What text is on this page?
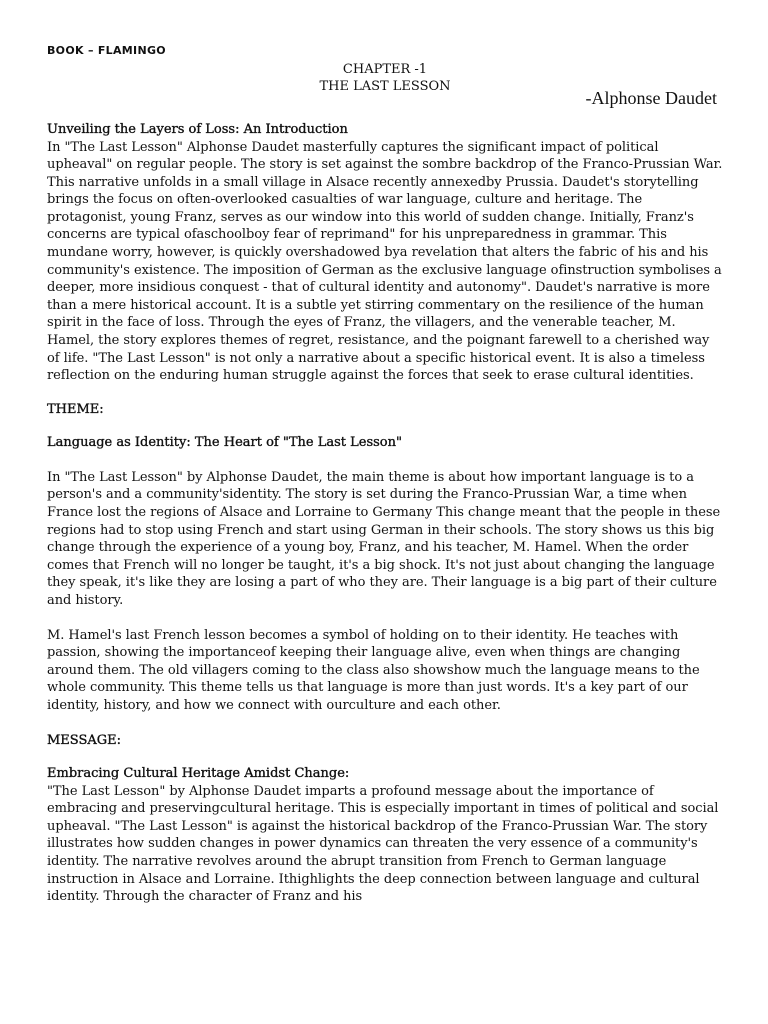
BOOK – FLAMINGO
CHAPTER -1
THE LAST LESSON
-Alphonse Daudet
Unveiling the Layers of Loss: An Introduction

In "The Last Lesson" Alphonse Daudet masterfully captures the significant impact of political upheaval" on regular people. The story is set against the sombre backdrop of the Franco-Prussian War. This narrative unfolds in a small village in Alsace recently annexedby Prussia. Daudet's storytelling brings the focus on often-overlooked casualties of war language, culture and heritage. The protagonist, young Franz, serves as our window into this world of sudden change. Initially, Franz's concerns are typical ofaschoolboy fear of reprimand" for his unpreparedness in grammar. This mundane worry, however, is quickly overshadowed bya revelation that alters the fabric of his and his community's existence. The imposition of German as the exclusive language ofinstruction symbolises a deeper, more insidious conquest - that of cultural identity and autonomy". Daudet's narrative is more than a mere historical account. It is a subtle yet stirring commentary on the resilience of the human spirit in the face of loss. Through the eyes of Franz, the villagers, and the venerable teacher, M. Hamel, the story explores themes of regret, resistance, and the poignant farewell to a cherished way of life. "The Last Lesson" is not only a narrative about a specific historical event. It is also a timeless reflection on the enduring human struggle against the forces that seek to erase cultural identities.

THEME:
Language as Identity: The Heart of "The Last Lesson"

In "The Last Lesson" by Alphonse Daudet, the main theme is about how important language is to a person's and a community'sidentity. The story is set during the Franco-Prussian War, a time when France lost the regions of Alsace and Lorraine to Germany This change meant that the people in these regions had to stop using French and start using German in their schools. The story shows us this big change through the experience of a young boy, Franz, and his teacher, M. Hamel. When the order comes that French will no longer be taught, it's a big shock. It's not just about changing the language they speak, it's like they are losing a part of who they are. Their language is a big part of their culture and history.

M. Hamel's last French lesson becomes a symbol of holding on to their identity. He teaches with passion, showing the importanceof keeping their language alive, even when things are changing around them. The old villagers coming to the class also showshow much the language means to the whole community. This theme tells us that language is more than just words. It's a key part of our identity, history, and how we connect with ourculture and each other.

MESSAGE:
Embracing Cultural Heritage Amidst Change:

"The Last Lesson" by Alphonse Daudet imparts a profound message about the importance of embracing and preservingcultural heritage. This is especially important in times of political and social upheaval. "The Last Lesson" is against the historical backdrop of the Franco-Prussian War. The story illustrates how sudden changes in power dynamics can threaten the very essence of a community's identity. The narrative revolves around the abrupt transition from French to German language instruction in Alsace and Lorraine. Ithighlights the deep connection between language and cultural identity. Through the character of Franz and his
